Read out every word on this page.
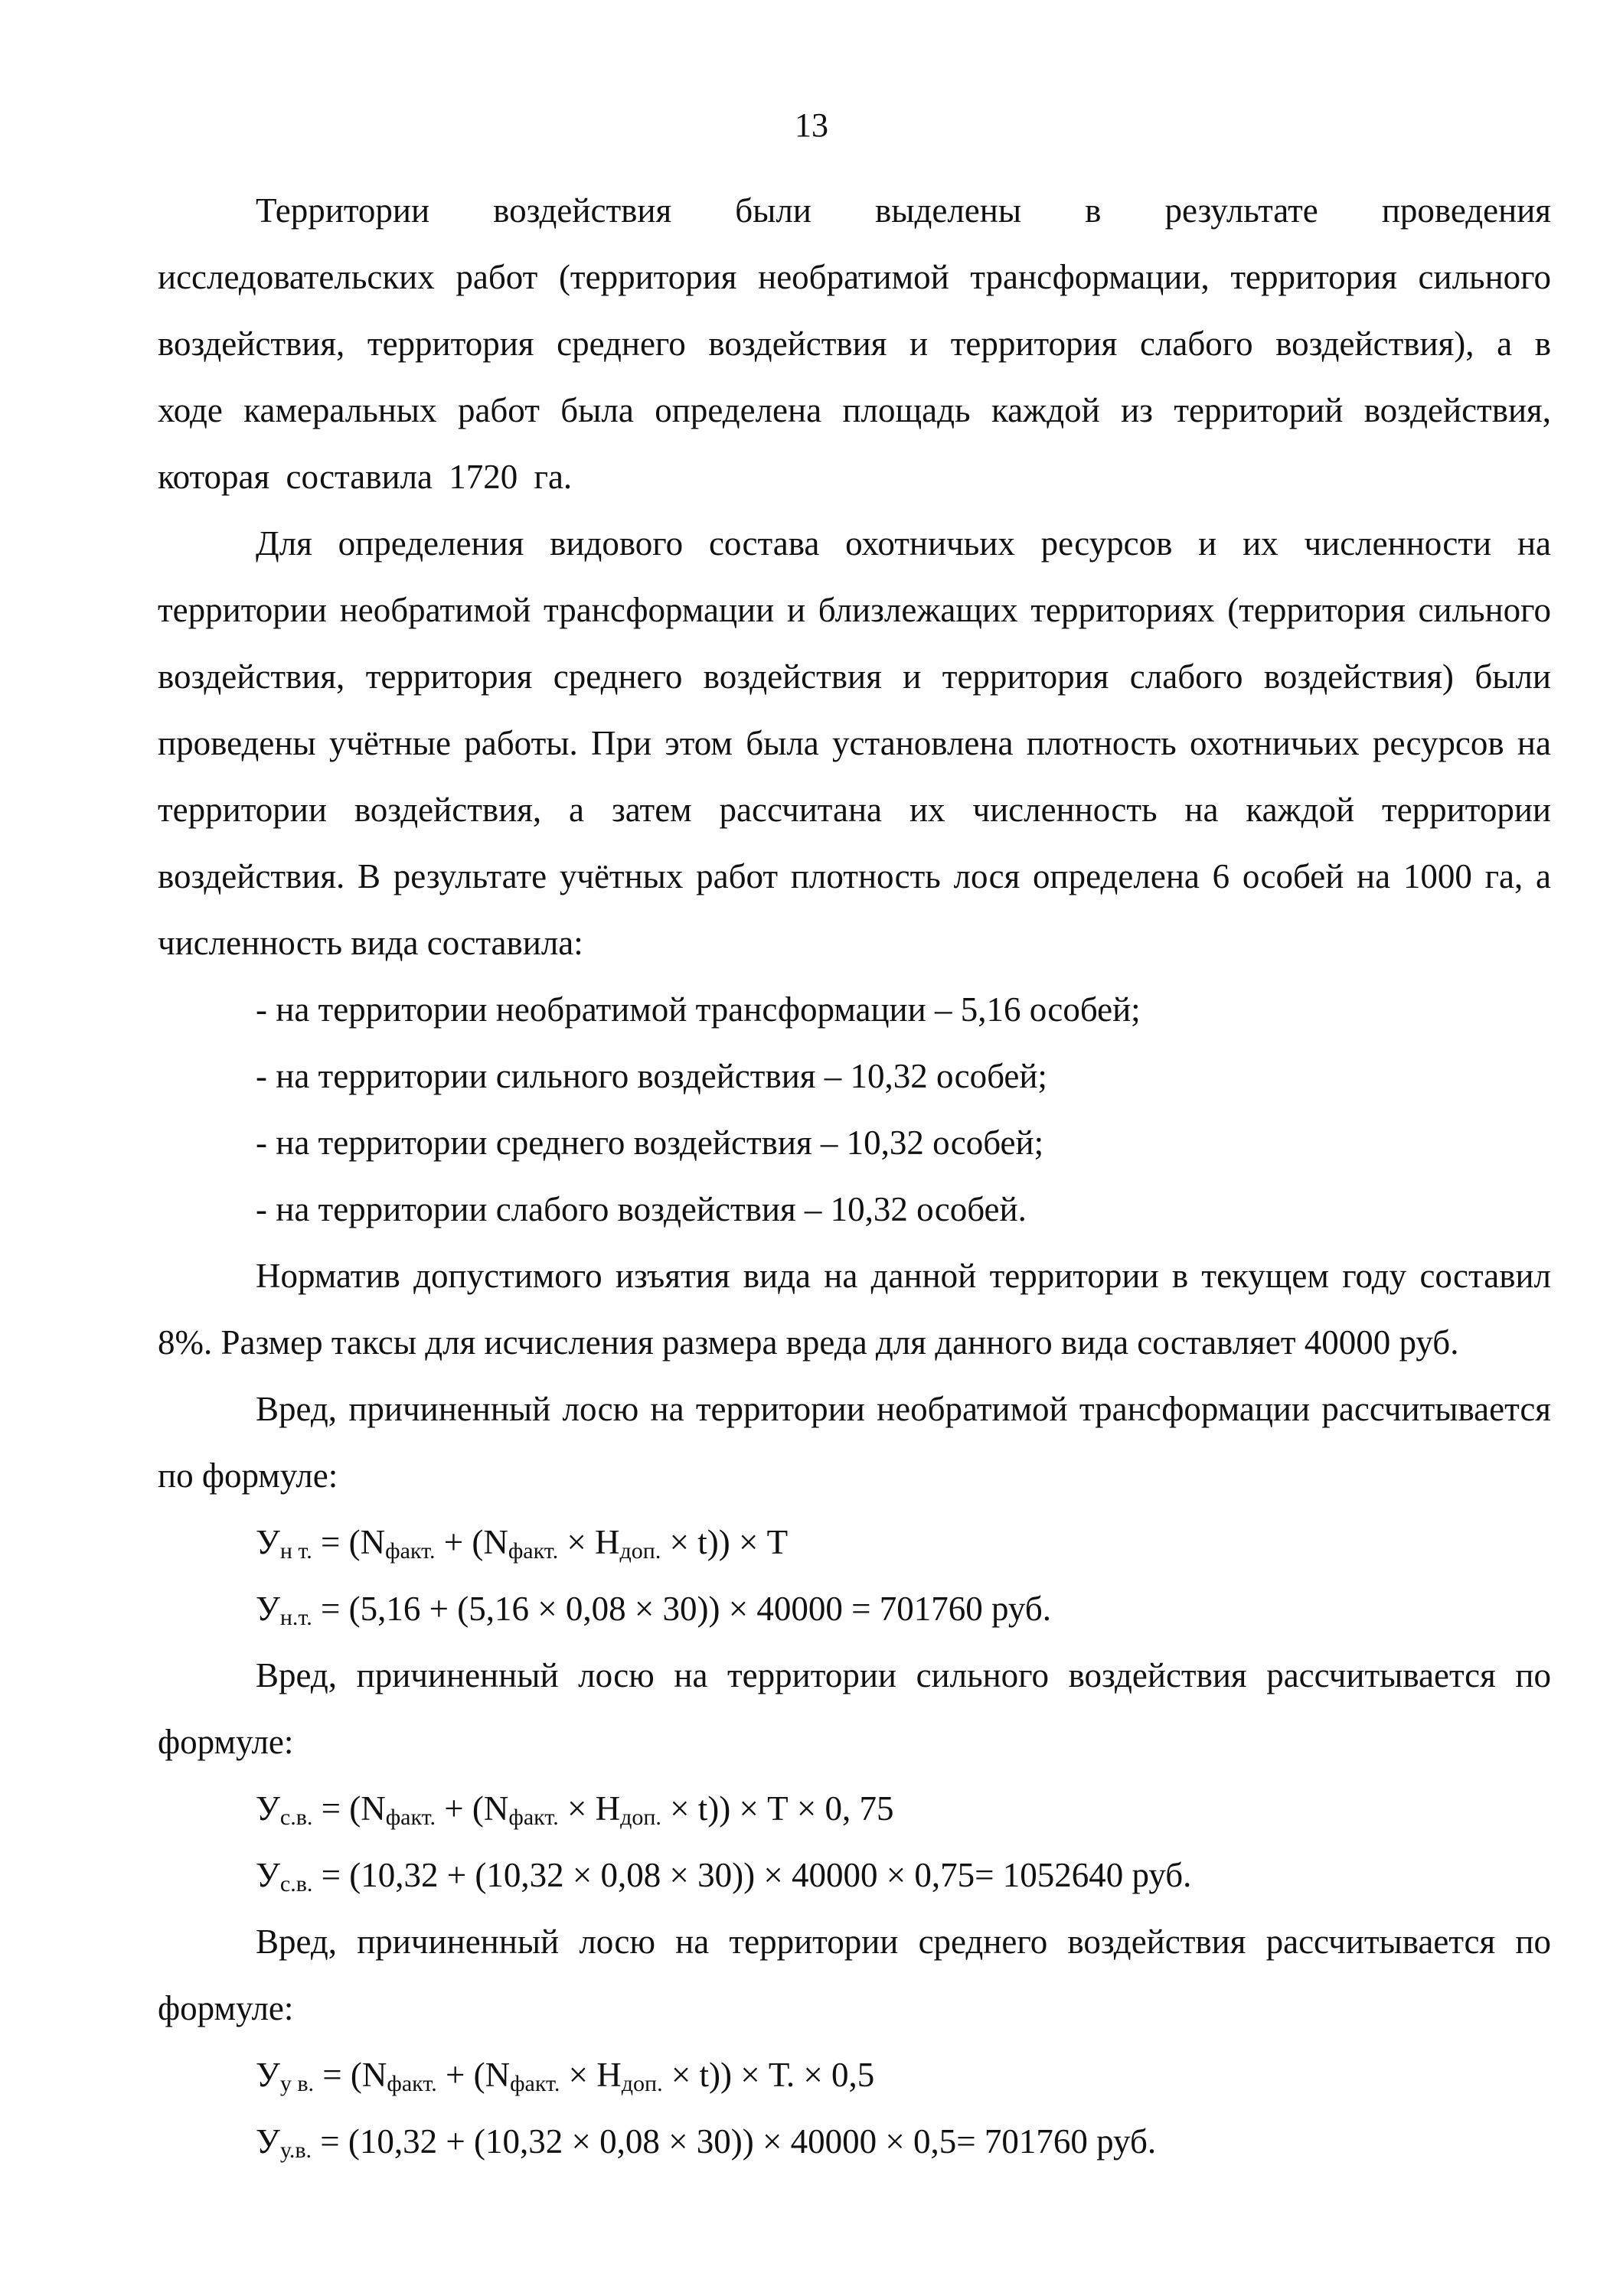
13

Территории воздействия были выделены в результате проведения исследовательских работ (территория необратимой трансформации, территория сильного воздействия, территория среднего воздействия и территория слабого воздействия), а в ходе камеральных работ была определена площадь каждой из территорий воздействия, которая составила 1720 га.

Для определения видового состава охотничьих ресурсов и их численности на территории необратимой трансформации и близлежащих территориях (территория сильного воздействия, территория среднего воздействия и территория слабого воздействия) были проведены учётные работы. При этом была установлена плотность охотничьих ресурсов на территории воздействия, а затем рассчитана их численность на каждой территории воздействия. В результате учётных работ плотность лося определена 6 особей на 1000 га, а численность вида составила:

- на территории необратимой трансформации – 5,16 особей;
- на территории сильного воздействия – 10,32 особей;
- на территории среднего воздействия – 10,32 особей;
- на территории слабого воздействия – 10,32 особей.

Норматив допустимого изъятия вида на данной территории в текущем году составил 8%. Размер таксы для исчисления размера вреда для данного вида составляет 40000 руб.

Вред, причиненный лосю на территории необратимой трансформации рассчитывается по формуле:

$У_{н т.} = (N_{факт.} + (N_{факт.} \times Н_{доп.} \times t)) \times Т$
$У_{н.т.} = (5,16 + (5,16 \times 0,08 \times 30)) \times 40000 = 701760$ руб.

Вред, причиненный лосю на территории сильного воздействия рассчитывается по формуле:

$У_{с.в.} = (N_{факт.} + (N_{факт.} \times Н_{доп.} \times t)) \times Т \times 0$, 75
$У_{с.в.} = (10,32 + (10,32 \times 0,08 \times 30)) \times 40000 \times 0,75= 1052640$ руб.

Вред, причиненный лосю на территории среднего воздействия рассчитывается по формуле:

$У_{у в.} = (N_{факт.} + (N_{факт.} \times Н_{доп.} \times t)) \times Т$. × 0,5
$У_{у.в.} = (10,32 + (10,32 \times 0,08 \times 30)) \times 40000 \times 0,5= 701760$ руб.
